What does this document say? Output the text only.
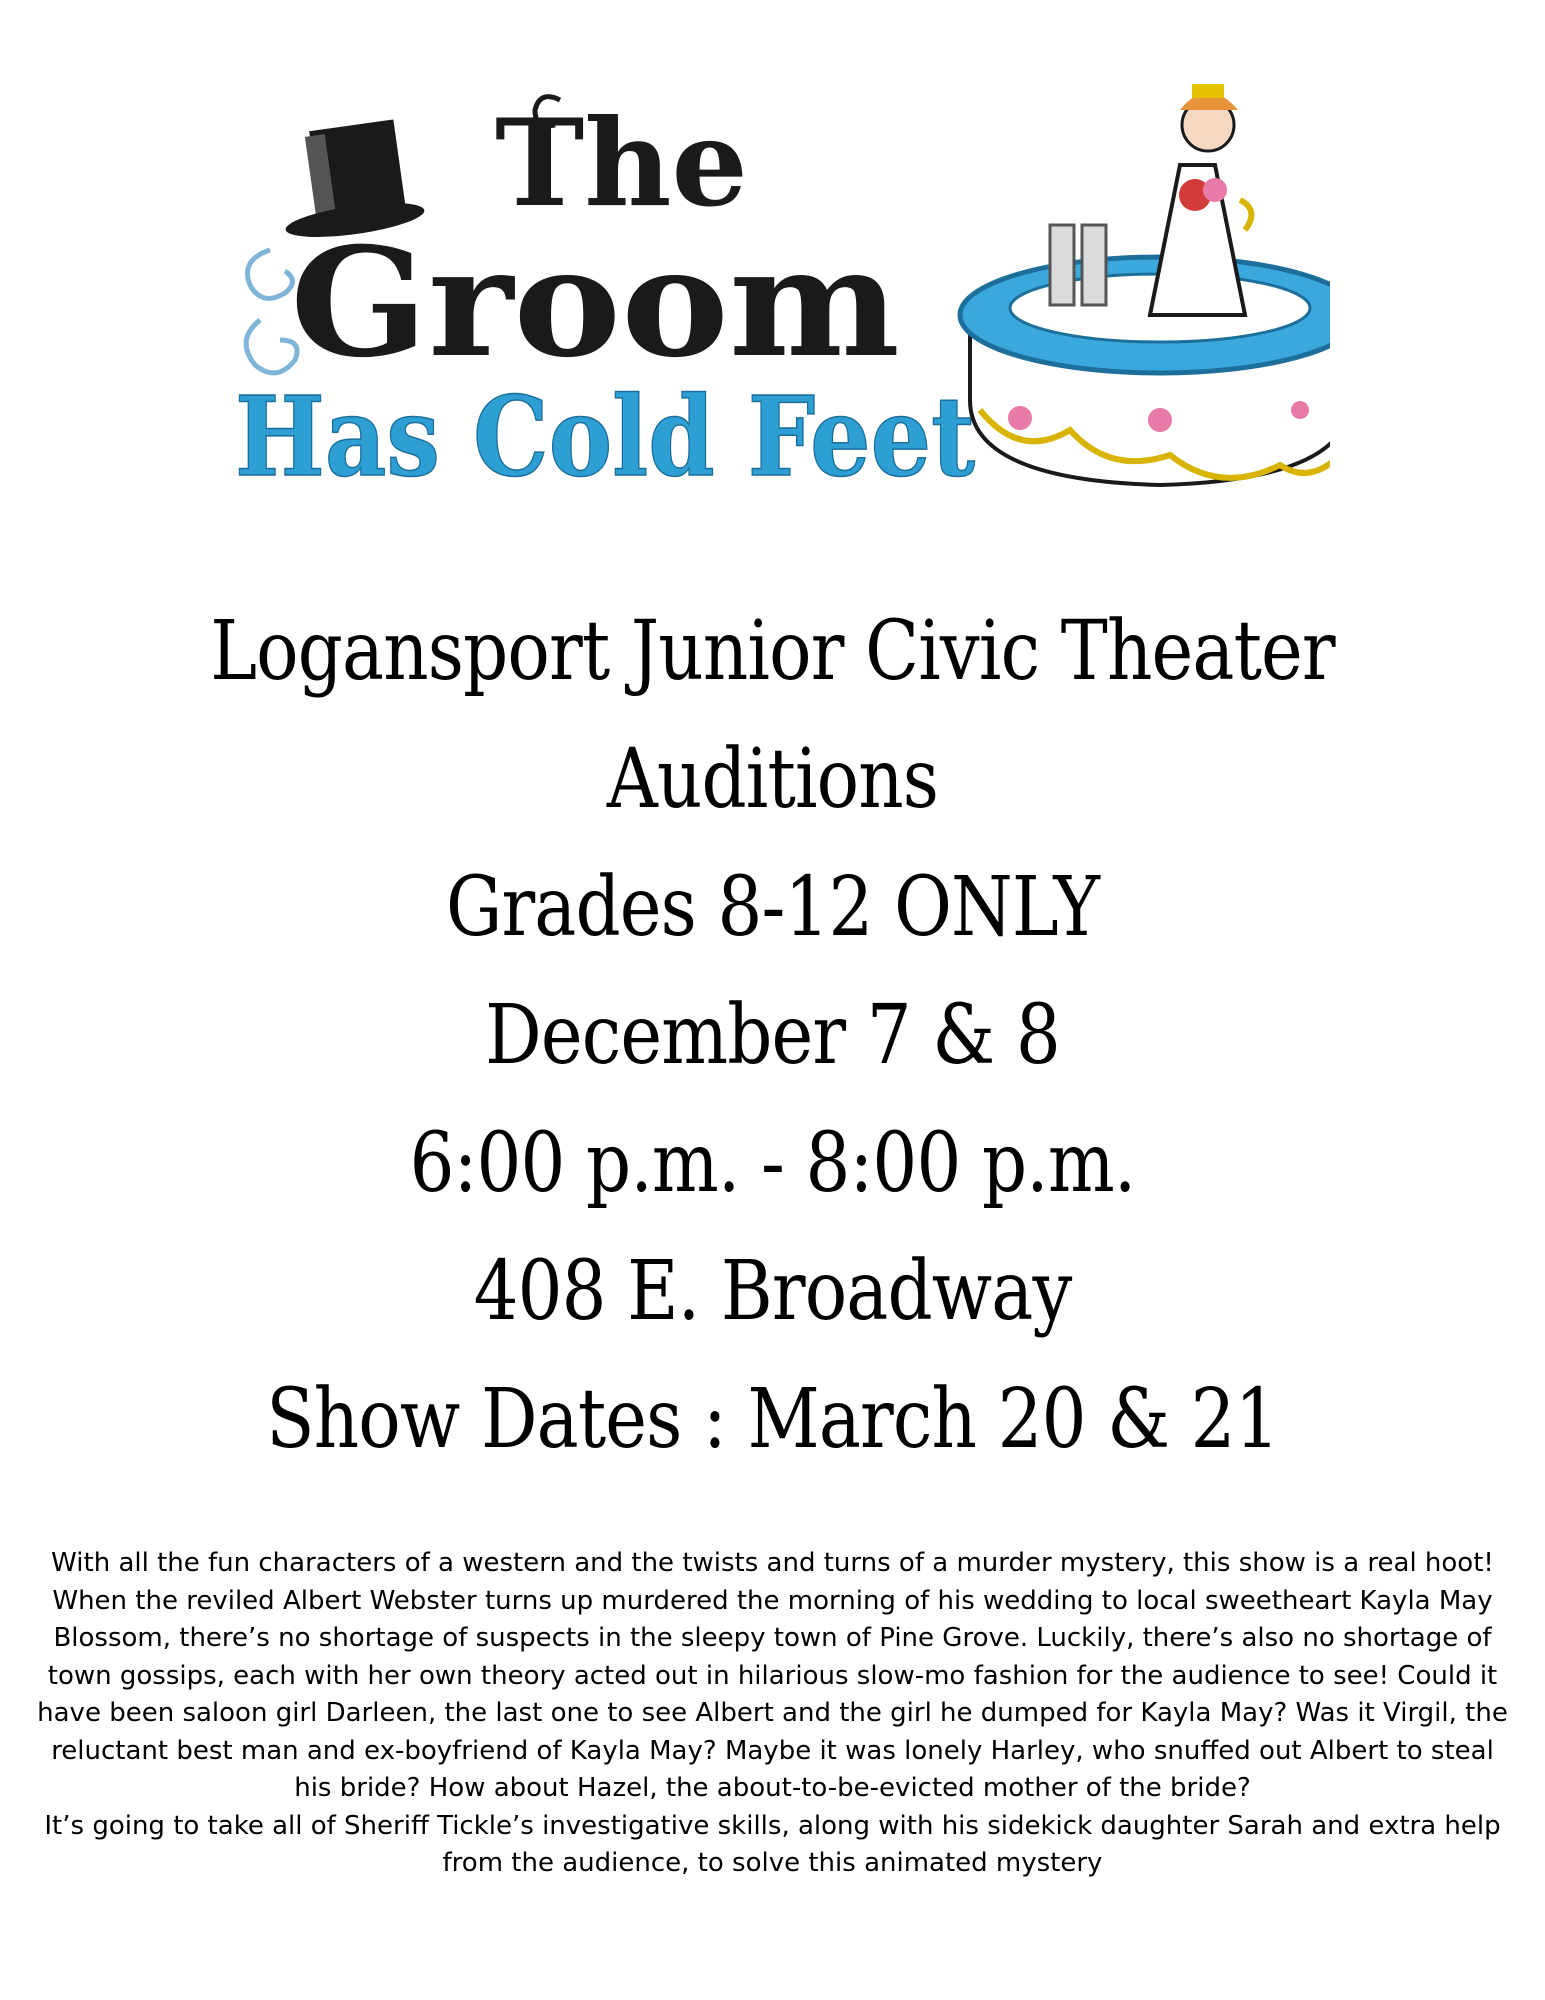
The
Groom
Has Cold Feet
Logansport Junior Civic Theater
Auditions
Grades 8-12 ONLY
December 7 & 8
6:00 p.m. - 8:00 p.m.
408 E. Broadway
Show Dates : March 20 & 21

With all the fun characters of a western and the twists and turns of a murder mystery, this show is a real hoot!

When the reviled Albert Webster turns up murdered the morning of his wedding to local sweetheart Kayla May Blossom, there’s no shortage of suspects in the sleepy town of Pine Grove. Luckily, there’s also no shortage of town gossips, each with her own theory acted out in hilarious slow-mo fashion for the audience to see! Could it have been saloon girl Darleen, the last one to see Albert and the girl he dumped for Kayla May? Was it Virgil, the reluctant best man and ex-boyfriend of Kayla May? Maybe it was lonely Harley, who snuffed out Albert to steal his bride? How about Hazel, the about-to-be-evicted mother of the bride?

It’s going to take all of Sheriff Tickle’s investigative skills, along with his sidekick daughter Sarah and extra help from the audience, to solve this animated mystery
